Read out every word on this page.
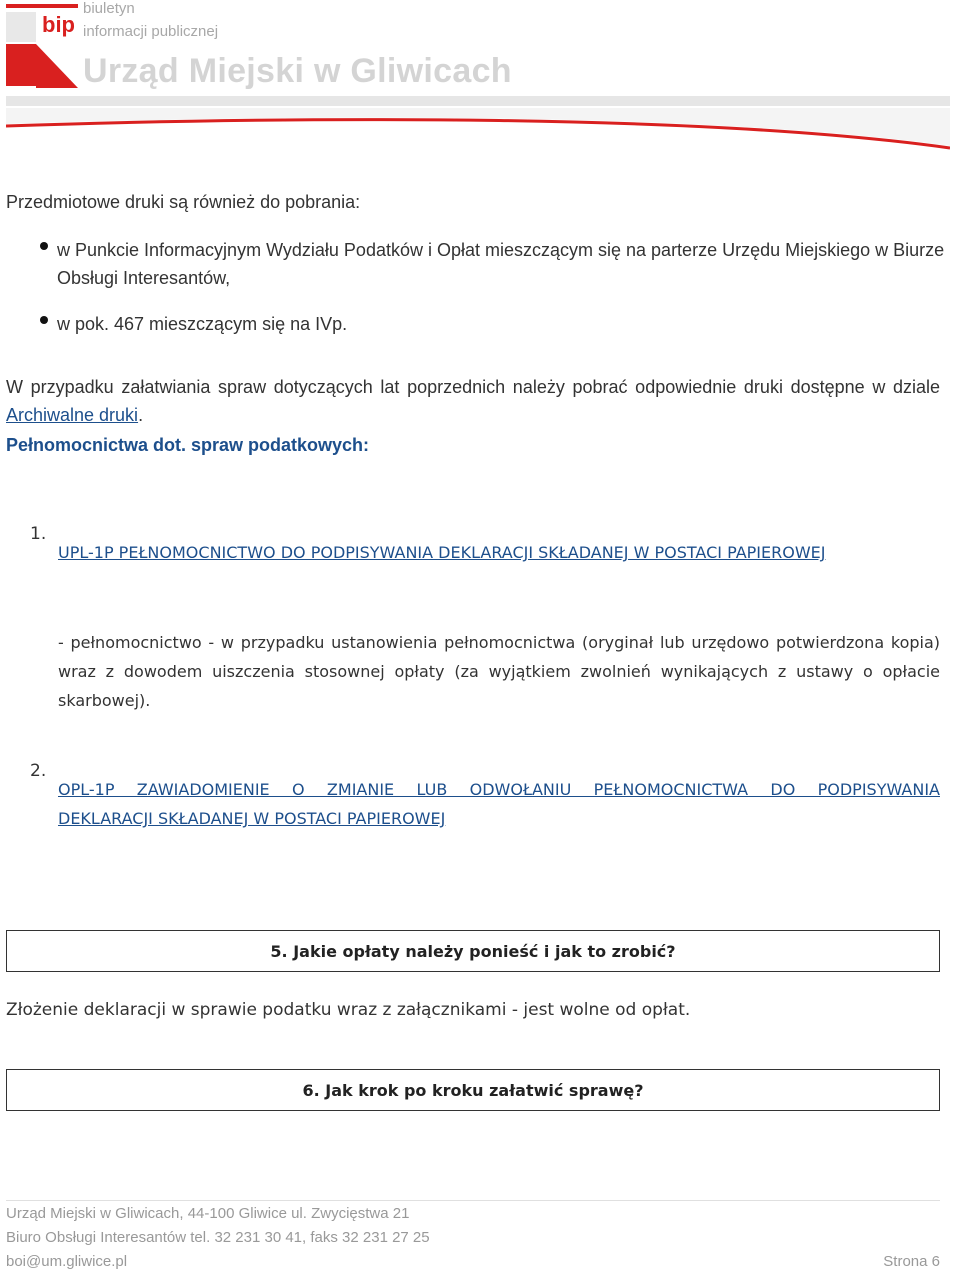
bip
biuletyn
informacji publicznej
Urząd Miejski w Gliwicach
Przedmiotowe druki są również do pobrania:
w Punkcie Informacyjnym Wydziału Podatków i Opłat mieszczącym się na parterze Urzędu Miejskiego w Biurze Obsługi Interesantów,
w pok. 467 mieszczącym się na IVp.
W przypadku załatwiania spraw dotyczących lat poprzednich należy pobrać odpowiednie druki dostępne w dziale Archiwalne druki.
Pełnomocnictwa dot. spraw podatkowych:
1.
UPL-1P PEŁNOMOCNICTWO DO PODPISYWANIA DEKLARACJI SKŁADANEJ W POSTACI PAPIEROWEJ
- pełnomocnictwo - w przypadku ustanowienia pełnomocnictwa (oryginał lub urzędowo potwierdzona kopia) wraz z dowodem uiszczenia stosownej opłaty (za wyjątkiem zwolnień wynikających z ustawy o opłacie skarbowej).
2.
OPL-1P ZAWIADOMIENIE O ZMIANIE LUB ODWOŁANIU PEŁNOMOCNICTWA DO PODPISYWANIA
DEKLARACJI SKŁADANEJ W POSTACI PAPIEROWEJ
5. Jakie opłaty należy ponieść i jak to zrobić?
Złożenie deklaracji w sprawie podatku wraz z załącznikami - jest wolne od opłat.
6. Jak krok po kroku załatwić sprawę?
Urząd Miejski w Gliwicach, 44-100 Gliwice ul. Zwycięstwa 21
Biuro Obsługi Interesantów tel. 32 231 30 41, faks 32 231 27 25
boi@um.gliwice.pl	Strona 6
